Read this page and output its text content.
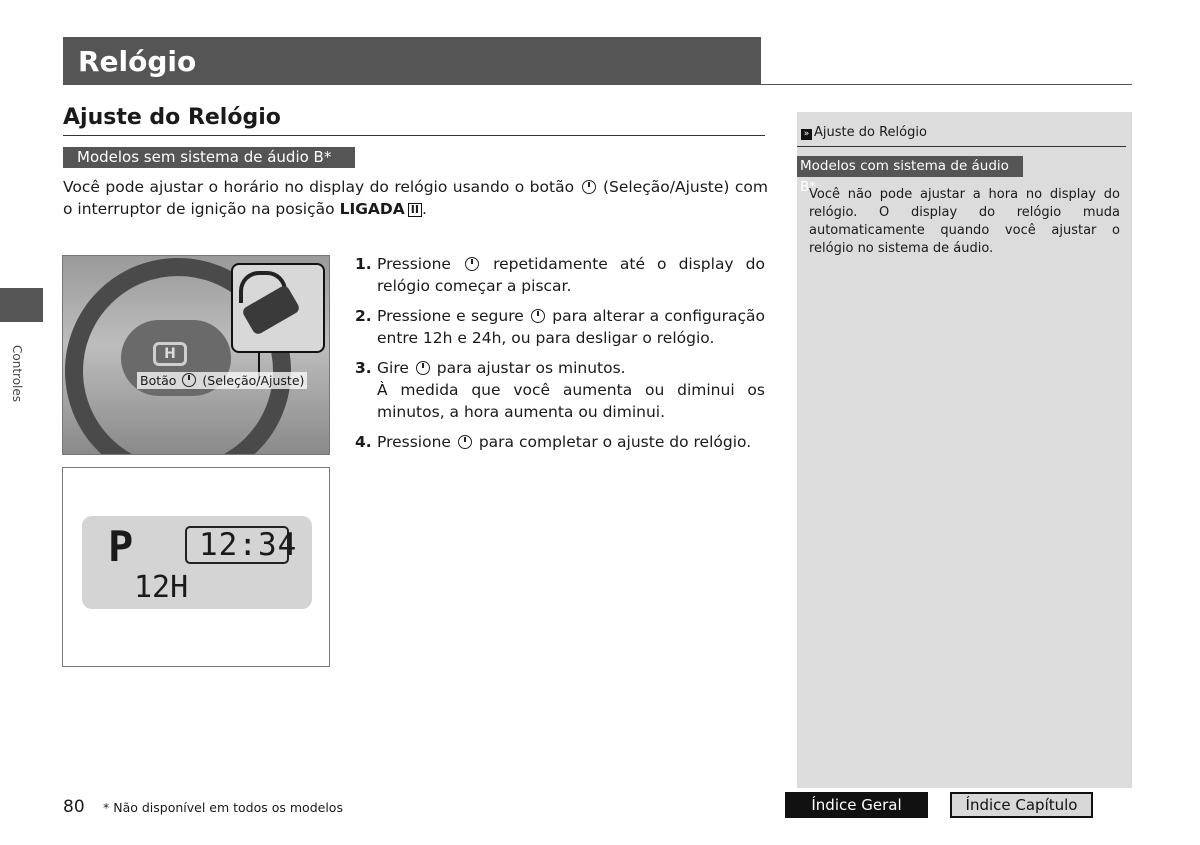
Relógio
Ajuste do Relógio
Modelos sem sistema de áudio B*
Você pode ajustar o horário no display do relógio usando o botão (Seleção/Ajuste) com o interruptor de ignição na posição LIGADA II .
H
Botão (Seleção/Ajuste)
P 12:34
12H
1. Pressione	repetidamente até o display do relógio começar a piscar.
2. Pressione e segure para alterar a configuração entre 12h e 24h, ou para desligar o relógio.
3. Gire para ajustar os minutos.
À medida que você aumenta ou diminui os minutos, a hora aumenta ou diminui.
4. Pressione para completar o ajuste do relógio.
Controles
» Ajuste do Relógio
Modelos com sistema de áudio B*
Você não pode ajustar a hora no display do relógio. O display do relógio muda automaticamente quando você ajustar o relógio no sistema de áudio.
80 * Não disponível em todos os modelos	Índice Geral	Índice Capítulo
